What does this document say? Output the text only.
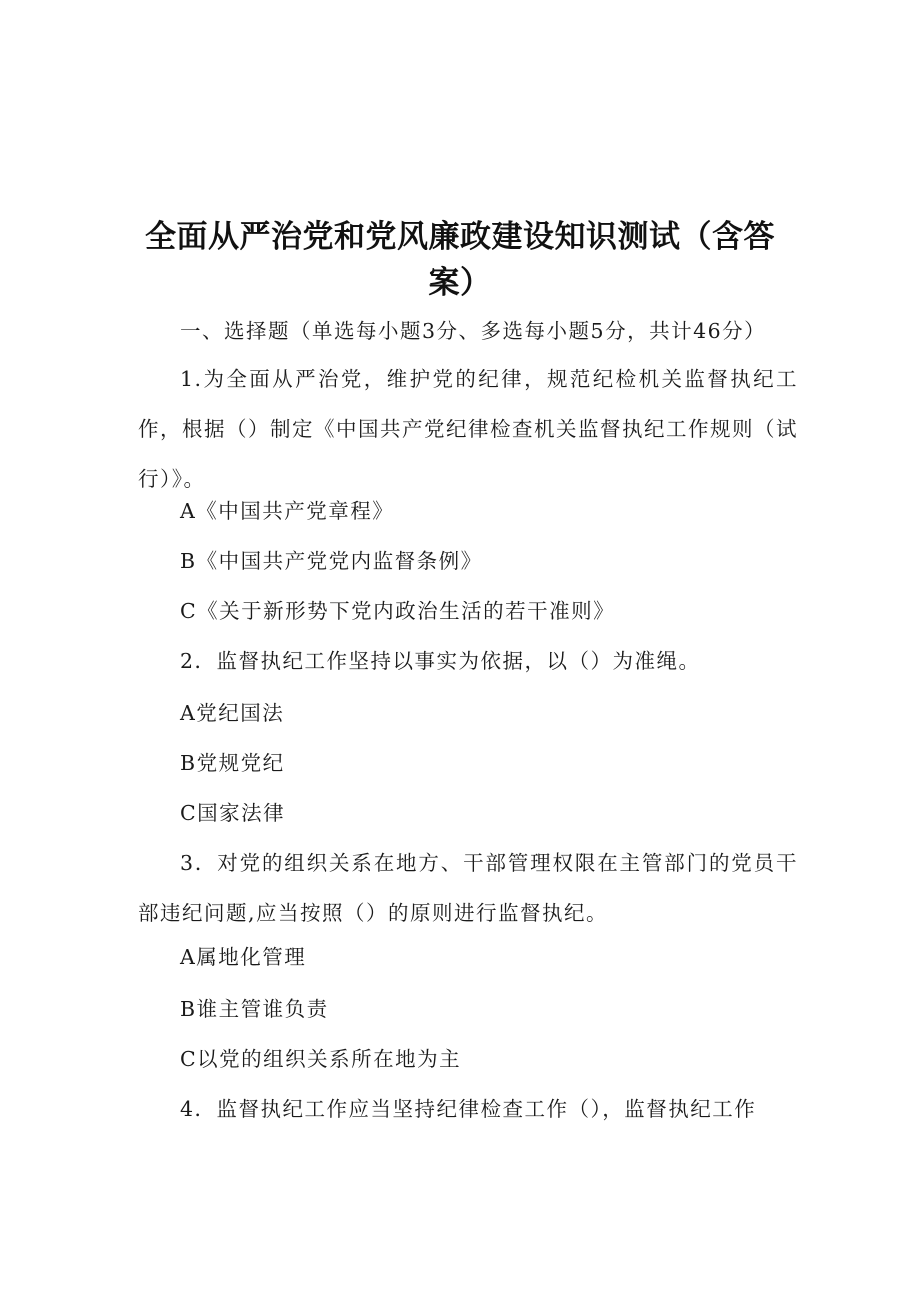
全面从严治党和党风廉政建设知识测试（含答案）

一、选择题（单选每小题3分、多选每小题5分，共计46分）

1.为全面从严治党，维护党的纪律，规范纪检机关监督执纪工作，根据（）制定《中国共产党纪律检查机关监督执纪工作规则（试行）》。

A《中国共产党章程》

B《中国共产党党内监督条例》

C《关于新形势下党内政治生活的若干准则》

2．监督执纪工作坚持以事实为依据，以（）为准绳。

A党纪国法

B党规党纪

C国家法律

3．对党的组织关系在地方、干部管理权限在主管部门的党员干部违纪问题,应当按照（）的原则进行监督执纪。

A属地化管理

B谁主管谁负责

C以党的组织关系所在地为主

4．监督执纪工作应当坚持纪律检查工作（），监督执纪工作
